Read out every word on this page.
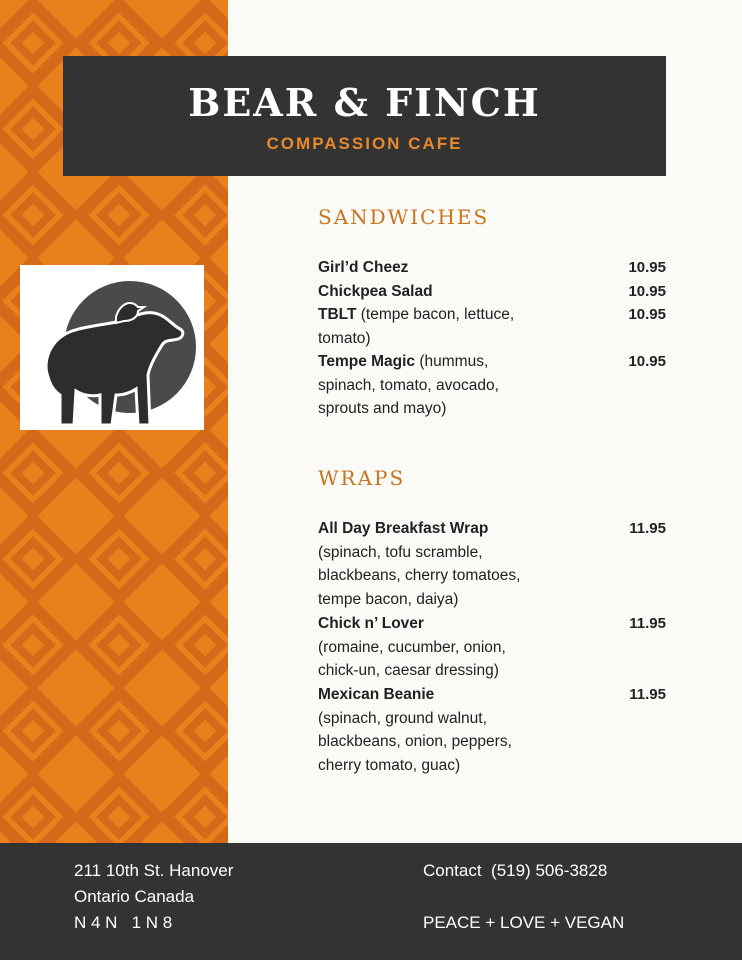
BEAR & FINCH
COMPASSION CAFE
SANDWICHES
Girl’d Cheez	10.95
Chickpea Salad	10.95
TBLT (tempe bacon, lettuce,
tomato)
10.95
Tempe Magic (hummus,
spinach, tomato, avocado,
sprouts and mayo)
10.95
WRAPS
All Day Breakfast Wrap
(spinach, tofu scramble,
blackbeans, cherry tomatoes,
tempe bacon, daiya)
11.95
Chick n’ Lover
(romaine, cucumber, onion,
chick-un, caesar dressing)
11.95
Mexican Beanie
(spinach, ground walnut,
blackbeans, onion, peppers,
cherry tomato, guac)
11.95
211 10th St. Hanover
Ontario Canada
N 4 N   1 N 8
Contact  (519) 506-3828
PEACE + LOVE + VEGAN
